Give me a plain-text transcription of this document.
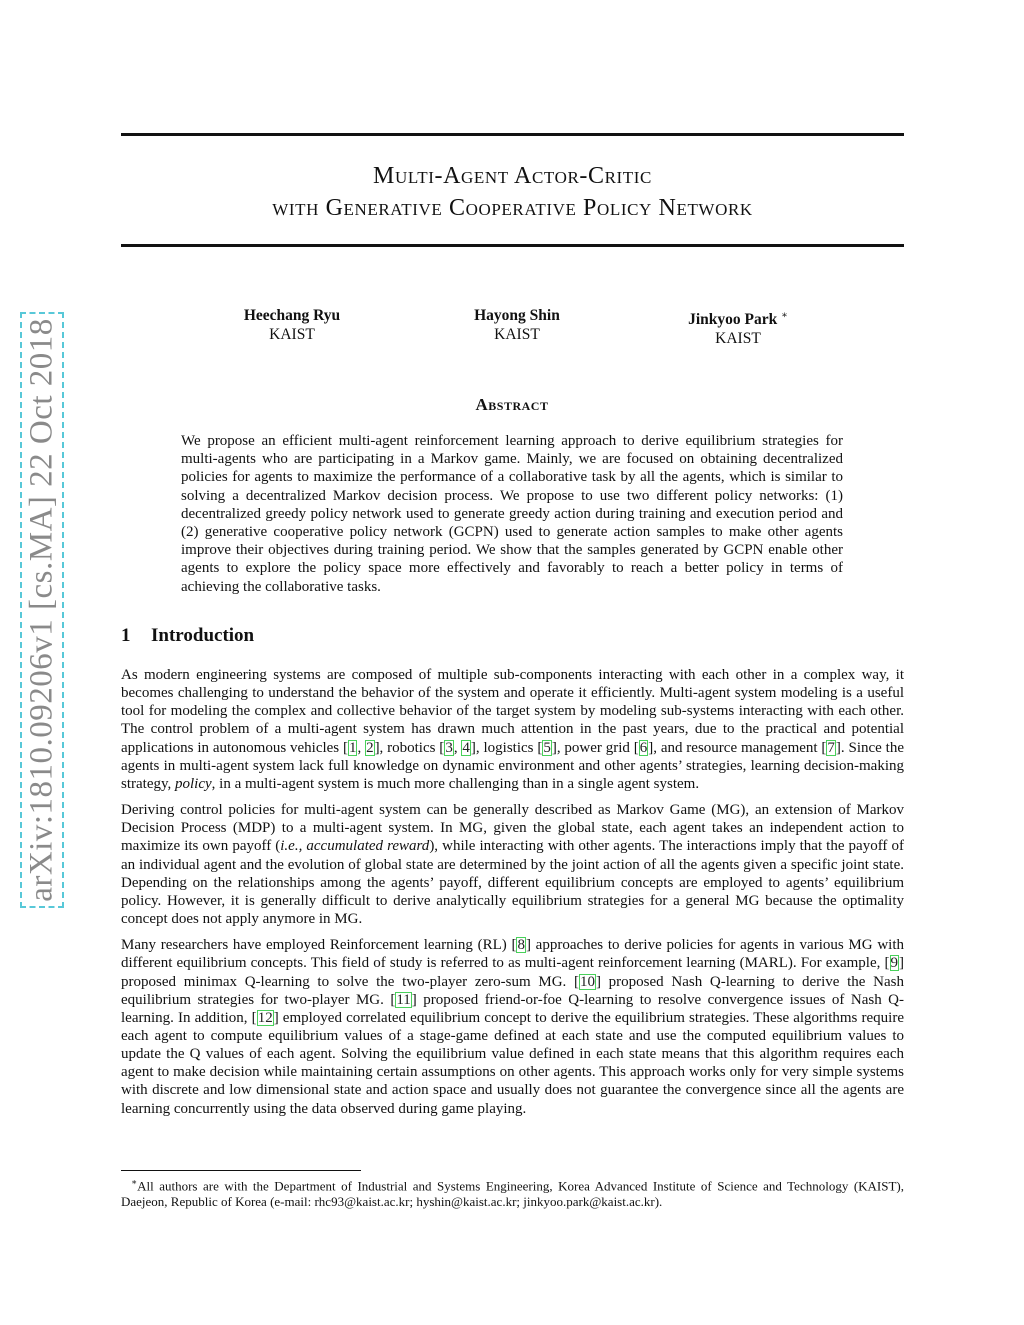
arXiv:1810.09206v1 [cs.MA] 22 Oct 2018
Multi-Agent Actor-Critic
with Generative Cooperative Policy Network
Heechang Ryu
KAIST
Hayong Shin
KAIST
Jinkyoo Park ∗
KAIST
Abstract
We propose an efficient multi-agent reinforcement learning approach to derive equilibrium strategies for multi-agents who are participating in a Markov game. Mainly, we are focused on obtaining decentralized policies for agents to maximize the performance of a collaborative task by all the agents, which is similar to solving a decentralized Markov decision process. We propose to use two different policy networks: (1) decentralized greedy policy network used to generate greedy action during training and execution period and (2) generative cooperative policy network (GCPN) used to generate action samples to make other agents improve their objectives during training period. We show that the samples generated by GCPN enable other agents to explore the policy space more effectively and favorably to reach a better policy in terms of achieving the collaborative tasks.
1 Introduction

As modern engineering systems are composed of multiple sub-components interacting with each other in a complex way, it becomes challenging to understand the behavior of the system and operate it efficiently. Multi-agent system modeling is a useful tool for modeling the complex and collective behavior of the target system by modeling sub-systems interacting with each other. The control problem of a multi-agent system has drawn much attention in the past years, due to the practical and potential applications in autonomous vehicles [1, 2], robotics [3, 4], logistics [5], power grid [6], and resource management [7]. Since the agents in multi-agent system lack full knowledge on dynamic environment and other agents’ strategies, learning decision-making strategy, policy, in a multi-agent system is much more challenging than in a single agent system.

Deriving control policies for multi-agent system can be generally described as Markov Game (MG), an extension of Markov Decision Process (MDP) to a multi-agent system. In MG, given the global state, each agent takes an independent action to maximize its own payoff (i.e., accumulated reward), while interacting with other agents. The interactions imply that the payoff of an individual agent and the evolution of global state are determined by the joint action of all the agents given a specific joint state. Depending on the relationships among the agents’ payoff, different equilibrium concepts are employed to agents’ equilibrium policy. However, it is generally difficult to derive analytically equilibrium strategies for a general MG because the optimality concept does not apply anymore in MG.

Many researchers have employed Reinforcement learning (RL) [8] approaches to derive policies for agents in various MG with different equilibrium concepts. This field of study is referred to as multi-agent reinforcement learning (MARL). For example, [9] proposed minimax Q-learning to solve the two-player zero-sum MG. [10] proposed Nash Q-learning to derive the Nash equilibrium strategies for two-player MG. [11] proposed friend-or-foe Q-learning to resolve convergence issues of Nash Q-learning. In addition, [12] employed correlated equilibrium concept to derive the equilibrium strategies. These algorithms require each agent to compute equilibrium values of a stage-game defined at each state and use the computed equilibrium values to update the Q values of each agent. Solving the equilibrium value defined in each state means that this algorithm requires each agent to make decision while maintaining certain assumptions on other agents. This approach works only for very simple systems with discrete and low dimensional state and action space and usually does not guarantee the convergence since all the agents are learning concurrently using the data observed during game playing.

∗All authors are with the Department of Industrial and Systems Engineering, Korea Advanced Institute of Science and Technology (KAIST), Daejeon, Republic of Korea (e-mail: rhc93@kaist.ac.kr; hyshin@kaist.ac.kr; jinkyoo.park@kaist.ac.kr).
